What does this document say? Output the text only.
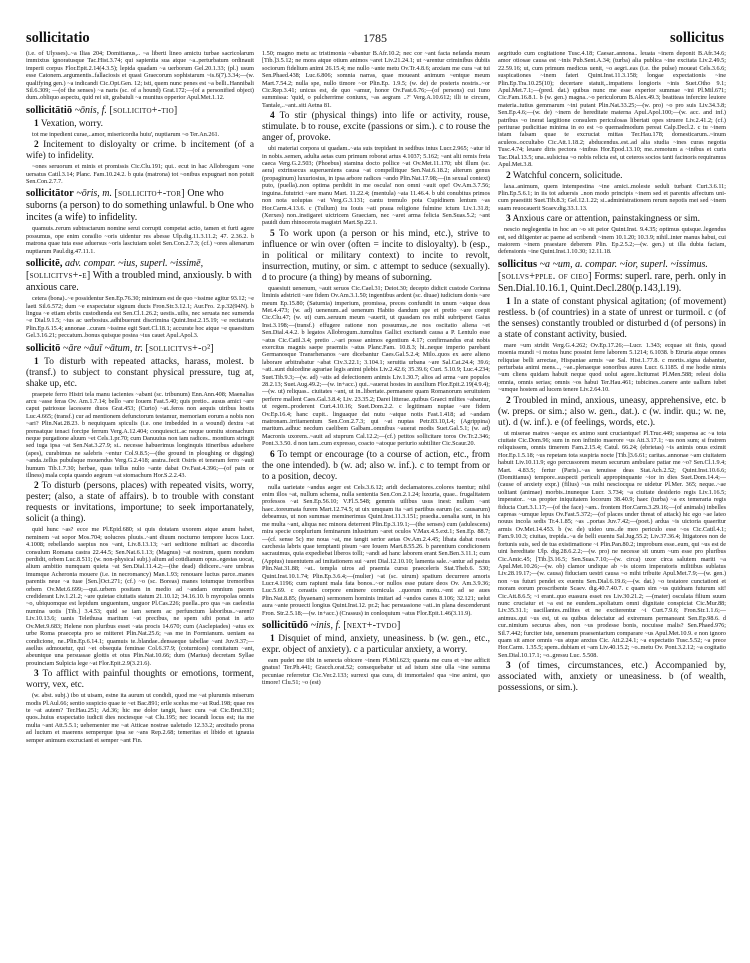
sollicitatio	1785	sollicitus

(i.e. of Ulysses)..~a Ilias 204; Domitianus,.. ~a liberti lineo amictu turbae sacricolarum immixtus ignoratusque Tac.Hist.3.74; qui sapientia sua atque ~a..perturbatum ordinauit imperii corpus Flor.Epit.2.14(4.3.5); lepida quadam ~a uerborum Gel.20.1.33; (pl.) usum esse Catonem..argumentis..fallaciosis et quasi Graecorum sophistarum ~is.6(7).3.34;—(w. qualifying gen.) ~a indicandi Cic.Opt.Gen. 12; isti, quem nunc penes est ~a belli..Hannibali Sil.6.309; —(of the senses) ~a naris (sc. of a hound) Grat.172;—(of a personified object) dum..obliquo aspectu, quid rei sit, grabatuli ~a munitus opperior Apul.Met.1.12.

sollicitātiō ~ōnis, f. [sollicito+-tio]
1 Vexation, worry.

tot me inpedient curae,..amor, misericordia huiu', nuptiarum ~o Ter.An.261.

2 Incitement to disloyalty or crime. b incitement (of a wife) to infidelity.

~ones seruorum et minis et promissis Cic.Clu.191; qui.. ecut in hac Allobrogum ~one uersatus Catil.3.14; Planc. Fam.10.24.2. b quia (matrona) tot ~onibus expugnari non potuit Sen.Con.2.7.7.

sollicitātor ~ōris, m. [sollicito+-tor] One who suborns (a person) to do something unlawful. b One who incites (a wife) to infidelity.

quamuis..rerum subtractarum nomine serui corrupti competat actio, tamen et furti agere possumus, ope enim consilio ~oris uidentur res abesse Ulp.dig.11.3.11.2; 47. 2.36.2. b matrona quae tuta esse aduersus ~oris lasciuiam uolet Sen.Con.2.7.3; (cf.) ~ores alienarum nuptiarum Paul.dig.47.11.1.

sollicitē, adv. compar. ~ius, superl. ~issimē, [sollicitvs+-e] With a troubled mind, anxiously. b with anxious care.

cetera (bona)..~e possidentur Sen.Ep.76.30; minimum est de quo ~issime agitur 93.12; ~e laeti Sil.6.572; dum ~e exspectatur signum ducis Fron.Str.3.12.1; Aur.Fro. 2.p.32(94N). b lingua ~e etiam ebriis custodienda est Sen.Cl.1.26.2; uestis..uilis, nec seruata nec sumenda ~e Dial.9.1.5; ~ius ac uerbosius..adhibuerunt discrimina Quint.Inst.2.15.19; ~e recitaturis Plin.Ep.6.15.4; annonae ..curam ~issime egit Suet.Cl.18.1; accurate hoc atque ~e quaesitum Gel.3.16.21; peccatum..bonus quisque postea ~ius cauet Apul.Apol.3.

sollicitō ~āre ~āuī ~ātum, tr. [sollicitvs+-o²]
1 To disturb with repeated attacks, harass, molest. b (transf.) to subject to constant physical pressure, tug at, shake up, etc.

praepete ferro Histri tela manu iacientes ~abant (sc. tribunum) Enn.Ann.408; Maenalias arcu ~asse feras Ov. Am.1.7.14; bello ~are Iouem Fast.5.40; quis pretio.. ausus amici ~are caput patriosue lacessere diuos Grat.453; (Curio) ~at..feros non aequis uiribus hostis Luc.4.665; (transf.) cur ad mentionem defunctorum testamur, memoriam eorum a nobis non ~ari? Plin.Nat.28.23. b nequiquam spiculis (i.e. one imbedded in a wound) dextra ~at prensatque tenaci forcipe ferrum Verg.A.12.404; conquiescit..ac neque uomitu stomachum neque purgatione aluum ~et Cels.1.pr.70; cum Danuuius non iam radices.. montium stringit sed iuga ipsa ~at Sen.Nat.3.27.9; si.. necesse habuerimus longinquis itineribus aduehere (apes), curabimus ne salebris ~entur Col.9.8.5;—(the ground in ploughing or digging) ~anda..tellus pubulsque mouendus Verg.G.2.418; aratra..fecit Osiris et teneram ferro ~auit humum Tib.1.7.30; herbae, quas tellus nulio ~ante dabat Ov.Fast.4.396;—(of pain or illness) mala copia quando aegrum ~at stomachum Hor.S.2.2.43.

2 To disturb (persons, places) with repeated visits, worry, pester; (also, a state of affairs). b to trouble with constant requests or invitations, importune; to seek importanately, solicit (a thing).

quid hunc ~as? ecce me Pl.Epid.680; si quis dotatam uxorem atque anum habet, neminem ~at sopor Mos.704; uolucres pluuis..~ant diuum nocturno tempore lucos Lucr. 4.1008; rebellando saepius nos ~ant, Liv.8.13.13; ~ari seditione militari ac discordia consulum Romana castra 22.44.5; Sen.Nat.6.1.13; (Magnus) ~at nostrum, quem nondum perdidit, orbem Luc.8.511; (w. non-physical subj.) alium ad cotidianum opus..egestas uocat, alium ambitio numquam quieta ~at Sen.Dial.11.4.2;—(the dead) didicere..~are umbras imumque Acheronta mouere (i.e. in necromancy) Man.1.93; renouare luctus parce..manes parentis neue ~a tuae [Sen.]Oct.271; (cf.) ~o (sc. Boreas) manes totumque tremoribus orbem Ov.Met.6.699;—qui..urbem positam in medio ad ~andam omnium pacem crediderant Liv.1.21.2; ~are quietae ciuitatis statum 21.10.12; 34.16.10. b myropolas omnis ~o, ubiquomque est lepidum unguentum, unguor Pl.Cas.226; puella..pro qua ~as caelestia numina uotis [Tib.] 3.4.53; quid se iam senem ac perfunctum laboribus..~arent? Liv.10.13.6; uanis Telethusa maritum ~at precibus, ne spem sibi ponat in arto Ov.Met.9.683; Helene non pluribus esset ~ata procis 14.670; cum (Asclepiades) ~atus ex urbe Roma praecepta pro se mitteret Plin.Nat.25.6; ~as me in Formianum. ueniam ea condicione, ne..Plin.Ep.6.14.1; quamuis te..blandae..densaeque tabellae ~ant Juv.9.37;—asellus admouetur, qui ~et obsequia feminae Col.6.37.9; (coturnices) comitatum ~ant, abeuntque una persuasae glottis et otus Plin.Nat.10.66; dum (Marius) decretam Syllae prouinciam Sulpicia lege ~at Flor.Epit.2.9(3.21.6).

3 To afflict with painful thoughts or emotions, torment, worry, vex, etc.

(w. abst. subj.) ibo ut uisam, estne ita aurum ut condidi, quod me ~at plurumis miserum modis Pl.Aul.66; sentio suspicio quae te ~et Bac.891; erile scelus me ~at Rud.198; quae res te ~at autem? Ter.Hau.251; Ad.36; hic me dolor tangit, haec cura ~at Cic.Brut.331; quos..huius exspectatio iudicii dies noctesque ~at Clu.195; nec iocandi locus est; ita me multa ~ant Att.5.5.1; uehementer me ~at Atticae nostrae ualetudo 12.33.2; anxitudo prona ad luctum et maerens semperque ipsa se ~ans Rep.2.68; temeritas et libido et ignauia semper animum excruciant et semper ~ant Fin.

1.50; magno metu ac tristimonia ~abantur B.Afr.10.2; nec cor ~ant facta nefanda meum [Tib.]3.5.12; ne mora atque otium animos ~aret Liv.21.24.1; ut ~arentur criminibus dubiis sociorum fidelium animi 26.15.4; me nullo ~ante metu Ov.Tr.4.8.6; anxiam me cura ~at tui Sen.Phaed.438; Luc.6.806; somnia narras, quae moueant animum ~entque meum Mart.7.54.2; nulla spe, nullo timore ~or Plin.Ep. 1.9.5; (w. de) de posteris nostris..~or Cic.Rep.3.41; unicus est, de quo ~amur, honor Ov.Fast.6.76;—(of persons) cui Iuno summissa: 'quid, o pulcherrime coniunx, ~as aegram ..?' Verg.A.10.612; illi te circum, Tantale,..~ant..siti Aetna 81.

4 To stir (physical things) into life or activity, rouse, stimulate. b to rouse, excite (passions or sim.). c to rouse the anger of, provoke.

ubi materiai corpora ui quadam..~ata suis trepidant in sedibus intus Lucr.2.965; ~atur id in nobis..semen, adulta aetas cum primum roborat artus 4.1037; 5.162; ~ant alii remis freta caeca Verg.G.2.503; (Phoebus) stamina docto pollice ~at Ov.Met.11.170; ubi illum (sc. aera) extrinsecus superueniens causa ~at compellitque Sen.Nat.6.18.2; alterum genus (propaginum) luxuriosius, in ipsa arbore radices ~ando Plin.Nat.17.98;—(in sexual context) puto, (puella)..non optima perdidit in me oscula! non omni ~auit ope! Ov.Am.3.7.56; inguina..fututrici ~are manu Mart. 11.22.4; (mentula) ~ata 11.46.4. b ubi conubitus primos non nota uoluptas ~at Verg.G.3.131; cantu tremulo pota Cupidinem lentum ~as Hor.Carm.4.13.6. c (Tullum) ira Iouis ~ati praua religione fulmine ictum Liv.1.31.8; (Xerxes) non..instigaret uictricem Graeciam, nec ~aret arma felicia Sen.Suas.5.2; ~ant pauidi dum rhinocerota magistri Mart.Sp.22.1.

5 To work upon (a person or his mind, etc.), strive to influence or win over (often = incite to disloyalty). b (esp., in political or military context) to incite to revolt, insurrection, mutiny, or sim. c attempt to seduce (sexually). d to procure (a thing) by means of suborning.

quaesiuit uenenum, ~auit seruos Cic.Cael.31; Deiot.30; decepto didicit custode Corinna liminis adstricti ~are fidem Ov.Am.3.1.50; ingentibus ardent (sc. diuae) iudicium donis ~are meum Ep.15.80; (Saturnia) imperium, promissa, preces confundit in unum ~atque deas Met.4.473; (w. ad) uenenum..ad uenenum Habito dandum spe et pretio ~are coepit Cic.Clu.47; (w. ut) cum..seruum meum ~auerit, ut quasdam res mihi subriperet Gaius Inst.3.198;—(transf.) effugere ratione non possumus,..ne nos oscitatio aliena ~et Sen.Dial.4.4.2. b legatos Allobrogum..tumultus Gallici excitandi causa a P. Lentulo esse ~atus Cic.Catil.3.4; pretio ..~ari posse animos egentium 4.17; confirmandus erat nobis exercitus magnis saepe praemiis ~atus Planc.Fam. 10.8.3; hi..neque imperio parebant Germanosque Transrhenanos ~are dicebantur Caes.Gal.5.2.4; Milo..quos ex aere alieno laborare arbitrabatur ~abat Civ.3.22.1; 3.104.1; seruitia urbana ~are Sal.Cat.24.4; 39.6; ~ati..sunt dulcedine agrariae legis animi plebis Liv.2.42.6; 35.39.6; Curt. 5.10.9; Luc.4.234; Suet.Tib.9.3;—(w. ad) ~atis ad defectionem animis Liv.1.30.7; alios ad arma ~are populos 28.2.13; Suet.Aug.49.2;—(w. in+acc.) qui..~auerat hostes in auxilium Flor.Epit.2.19(4.9.4);—(w. ut) reliquas.. ciuitates ~ant, ut in..libertate..permanere quam Romanorum seruitutem perferre mallent Caes.Gal.3.8.4; Liv. 23.35.2; Darei litterae..quibus Graeci milites ~abantur, ut regem..proderent Curt.4.10.16; Suet.Dom.2.2. c legitimam nuptae ~are fidem Ov.Ep.16.4; hanc cupit.. linguaque dat nutu ~atque notis Fast.1.418; ad ~andam matronam..irritamentum Sen.Con.2.7.3; qui ~at nuptas Petr.83.10,L4; (Agrippina) maritum..adhuc necdum caelibem Galbam..omnibus ~auerat modis Suet.Gal.5.1; (w. ad) Macronis uxorem..~auit ad stuprum Cal.12.2;—(cf.) petitos sollicitare toros Ov.Tr.2.346; Pont.3.3.50. d non tam..cum expresso, coacto ~atoque periurio subtiliter Cic.Scaur.20.

6 To tempt or encourage (to a course of action, etc., from the one intended). b (w. ad; also w. inf.). c to tempt from or to a position, decoy.

nulla uarietate ~andus aeger est Cels.3.6.12; aridi declamatores..colores tuentur; nihil enim illos ~at, nullum schema, nulla sententia Sen.Con.2.1.24; luxuria, quae.. frugalitatem professos ~at Sen.Ep.56.10; V.Fl.5.548; gemmis uilibus usus inest: nullum ~ant haec..toreumata furem Mart.12.74.5; ut uix umquam ita ~ari partibus earum (sc. causarum) debeamus, ut non summae meminerimus Quint.Inst.11.3.151; praedia..uenalia sunt, in his me multa ~ant, aliqua nec minora deterrent Plin.Ep.3.19.1;—(the senses) cum (adulescens) mira specie conplurium feminarum inlustrium ~aret oculos V.Max.4.5.ext.1; Sen.Ep. 88.7;—(cf. sense 5c) me noua ~at, me tangit serior aetas Ov.Am.2.4.45; libata dabat roseis carchesia labris quae temptanti pisum ~are Iouem Mart.8.55.26. b parentium condicionem sacrauimus, quia expediebat liberos tolli; ~andi ad hanc laborem erant Sen.Ben.3.11.1; cum (Appius) iuuentutem ad imitationem sui ~aret Dial.12.10.10; lamenta sale..~antur ad pastus Plin.Nat.31.88; ~at.. templa uiros ad praemia cursu praeceleris Stat.Theb.6. 530; Quint.Inst.10.1.74; Plin.Ep.3.6.4;—(mulier) ~at (sc. uirum) spatium decurrere amoris Lucr.4.1196; cum rapiunt mala fata bonos..~or nullos esse putare deos Ov. Am.3.9.36; Luc.5.69. c cerastis corpore eminere cornicula ..quorum motu..~ent ad se aues Plin.Nat.8.85; (hyaenam) sermonem hominis imitari ad ~andos canes 8.106; 32.121; uelut aura ~ante prouecti longius Quint.Inst.12. pr.2; hac persuasione ~ati..in plana descenderunt Fron. Str.2.5.18;—(w. in+acc.) (Crassus) in conloquium ~atus Flor.Epit.1.46(3.11.9).

sollicitūdō ~inis, f. [next+-tvdo]
1 Disquiet of mind, anxiety, uneasiness. b (w. gen., etc., expr. object of anxiety). c a particular anxiety, a worry.

eam pudet me tibi in senecta obicere ~inem Pl.Mil.623; quanta me cura et ~ine adficit gnatus! Ter.Ph.441; Gracch.orat.52; consequebatur ut ad istum sine ulla ~ine summa pecuniae referretur Cic.Ver.2.133; surrexi qua cura, di immortales! qua ~ine animi, quo timore! Clu.51; ~o (est)

aegritudo cum cogitatione Tusc.4.18; Caesar..annona.. leuata ~inem deponit B.Afr.34.6; amor otiosae causa est ~inis Pub.Sent.A.34; (turba) alia publica ~ine excitata Liv.2.49.5; 22.59.16; ut, cum primum medicus uenit, ~o aegri..eas (i.e. the pulse) moueat Cels.3.6.6; suspicationes ~inem fateri Quint.Inst.11.3.158; longae expectationis ~ine Plin.Ep.Tra.10.25(10); decertare statuit,..impatiens longioris ~inis Suet.Otho 9.1; Apul.Met.7.1;—(pred. dat.) quibus nunc me esse experior summae ~ini Pl.Mil.671; Cic.Fam.16.8.1. b (w. gen.) magna..~o periculorum B.Alex.49.3; beatiteas infercire leuiore materia..tutius gemmarum ~ini putant Plin.Nat.33.25;—(w. pro) ~o pro suis Liv.34.3.8; Sen.Ep.4.6;—(w. de) ~inem de hereditate materna Apul.Apol.100;—(w. acc. and inf.) patribus ~o inerat largitione consulem periculosas libertati opes struere Liv.2.41.2; (cf.) periturae pudicitiae minima in eo est ~o quemadmodum pereat Calp.Decl.2. c tu ~inem istam falsam quae te excruciat mittas Ter.Hau.178; domesticarum..~inum aculeos..occultabo Cic.Att.1.18.2; abducendus..est..ad alia studia ~ines curas negotia Tusc.4.74; leuare diris pectora ~inibus Hor.Epod.13.10; me..remotum a ~inibus et curis Tac.Dial.13.5; una..sulsiciua ~o nobis relicta est, ut ceteros socios tanti facinoris requiramus Apul.Met.3.8.

2 Watchful concern, solicitude.

laxa..animum, quem intempestina ~ine amici..moleste seduli turbant Curt.3.6.11; Plin.Ep.5.6.1; in iis tot aduersis ..non modo principis ~inem sed et parentis affectum uni-cum praestitit Suet.Tib.8.3; Gel.12.1.22; si..administrationem rerum nepotis mei sed ~inem suam reuocauerit Scaev.dig.33.1.13.

3 Anxious care or attention, painstakingness or sim.

nescio neglegentia in hoc an ~o sit peior Quint.Inst. 9.4.35; optimus quisque..legendus est, sed diligenter ac paene ad scribendi ~inem 10.1.20; 10.3.9; nihil..inter manus habui, cui maiorem ~inem praestare deberem Plin. Ep.2.5.2;—(w. gen.) ut illa dubia faciam, defensionis ~ine Quint.Inst.1.10.30; 12.11.18.

sollicitus ~a ~um, a. compar. ~ior, superl. ~issimus. [sollvs+pple. of cieo] Forms: superl. rare, perh. only in Sen.Dial.10.16.1, Quint.Decl.280(p.143,l.19).
1 In a state of constant physical agitation; (of movement) restless. b (of countries) in a state of unrest or turmoil. c (of the senses) constantly troubled or disturbed d (of persons) in a state of constant activity, busied.

mare ~um stridit Verg.G.4.262; Ov.Ep.17.26;—Lucr. 1.343; ecquae sit finis, quoad moenia mundi ~i motus hunc possint ferre laborem 5.1214; 6.1038. b Etruria atque omnes reliquiae belli arrectae, Hispaniae armis ~ae Sal. Hist.1.77.8. c mortis..signa dabantur, perturbata animi mens..., ~ae..plenaeque sonoribus aures Lucr. 6.1185. d me hodie nimis ~um cliens quidam habuit neque quod uolui agere..licitumst Pl.Men.588; releui dolia omnia, omnis serias; omnis ~os habui Ter.Hau.461; tubicines..canere ante uallum iubet ~umque hostem ad lucem tenere Liv.2.64.10.

2 Troubled in mind, anxious, uneasy, apprehensive, etc. b (w. preps. or sim.; also w. gen., dat.). c (w. indir. qu.; w. ne, ut). d (w. inf.). e (of feelings, words, etc.).

ut miserae matres ~aeque ex animo sunt cruciantque! Pl.Truc.449; suspensa ac ~a tota ciuitate Cic.Dom.96; sum in non infinito maerore ~us Att.3.17.1; ~us non sum; si fratrem reliquissem, omnis timerem Fam.2.15.4; Catul. 66.24; (ebrietas) ~is animis onus eximit Hor.Ep.1.5.18; ~us repetam tota suspiria nocte [Tib.]3.6.61; caritas..annonae ~am ciuitatem habuit Liv.10.11.9; ego percussorem meum securum ambulare patiar me ~o? Sen.Cl.1.9.4; Mart. 4.83.5; fertur (Paris)..~as tenuisse deas Stat.Ach.2.52; Quint.Inst.10.6.6; (Domitianus) tempore..suspecti periculi appropinquante ~ior in dies Suet.Dom.14.4;—(cause of anxiety expr.) (filius) ~us mihi nesciocqua re uidetur Pl.Mer. 365; neque..~ae uolitant (animae) morbis..inuneque Lucr. 3.734; ~a ciuitate desiderio regis Liv.1.16.5; imperator.. ~us propter iniquitatem locorum 38.40.9; haec (turba) ~a ex temeraria regis fiducia Curt.3.1.17;—(of the face) ~am.. frontem Hor.Carm.3.29.16;—(of animals) inbelles capreas ~umque lepus Ov.Fast.5.372;—(of places under threat of attack) hic ego ~ae lateo nouus incola sedis Tr.4.1.85; ~as ..portas Juv.7.42;—(poet.) ardua ~is uictoria quaeritur armis Ov.Met.14.453. b (w. de) uideo uns..de meo periculo esse ~os Cic.Catil.4.1; Fam.9.10.3; ciuitas, trepida..~a de belli euentu Sal.Jug.55.2; Liv.37.36.4; litigatores non de fortunis suis, sed de tua existimatione ~i Plin.Pan.80.2; improbum esse..eum, qui ~us est de uini hereditate Ulp. dig.28.6.2.2;—(w. pro) ne necesse sit unum ~um esse pro pluribus Cic.Amic.45; [Tib.]3.16.5; Sen.Suas.7.10;—(w. circa) uxor circa salutem mariti ~a Apul.Met.10.26;—(w. ob) clamor undique ab ~is uicem imperatoris militibus sublatus Liv.28.19.17;—(w. causa) fiduciam uestri causa ~o mihi tribuite Apul.Met.7.9;—(w. gen.) non ~us futuri pendet ex euentu Sen.Dial.6.19.6;—(w. dat.) ~o testatore cunctationi et moram eorum proscribente Scaev. dig.40.7.40.7. c quam sim ~us quidnam futurum sit! Cic.Att.8.6.5; ~i erant..quo euasura esset res Liv.30.21.2; —(mater) osculata filium suum nunc cruciatur et ~a est ne eundem..spoliatum omni dignitate conspiciat Cic.Mur.88; Liv.35.31.1; uacillantes..milites et ne exciterentur ~i Curt.7.9.6; Fron.Str.1.1.6;—animus..qui ~us est, ut ea quibus delectatur ad extremum permaneant Sen.Ep.98.6. d cur..nimium securus abes, non ~us prodesse bonis, nocuisse malis? Sen.Phaed.976; Sil.7.442; furciter iste, uenenum praesentarium comparare ~us Apul.Met.10.9. e non ignoro quam sit amor omnis ~us atque anxius Cic. Att.2.24.1; ~a expectatio Tusc.5.52; ~a prece Hor.Carm. 1.35.5; spem..dubiam et ~am Liv.40.15.2; ~o..metu Ov. Pont.3.2.12; ~a cogitatio Sen.Dial.10.17.1; ~o..gressu Luc. 5.508.

3 (of times, circumstances, etc.) Accompanied by, associated with, anxiety or uneasiness. b (of wealth, possessions, or sim.).
